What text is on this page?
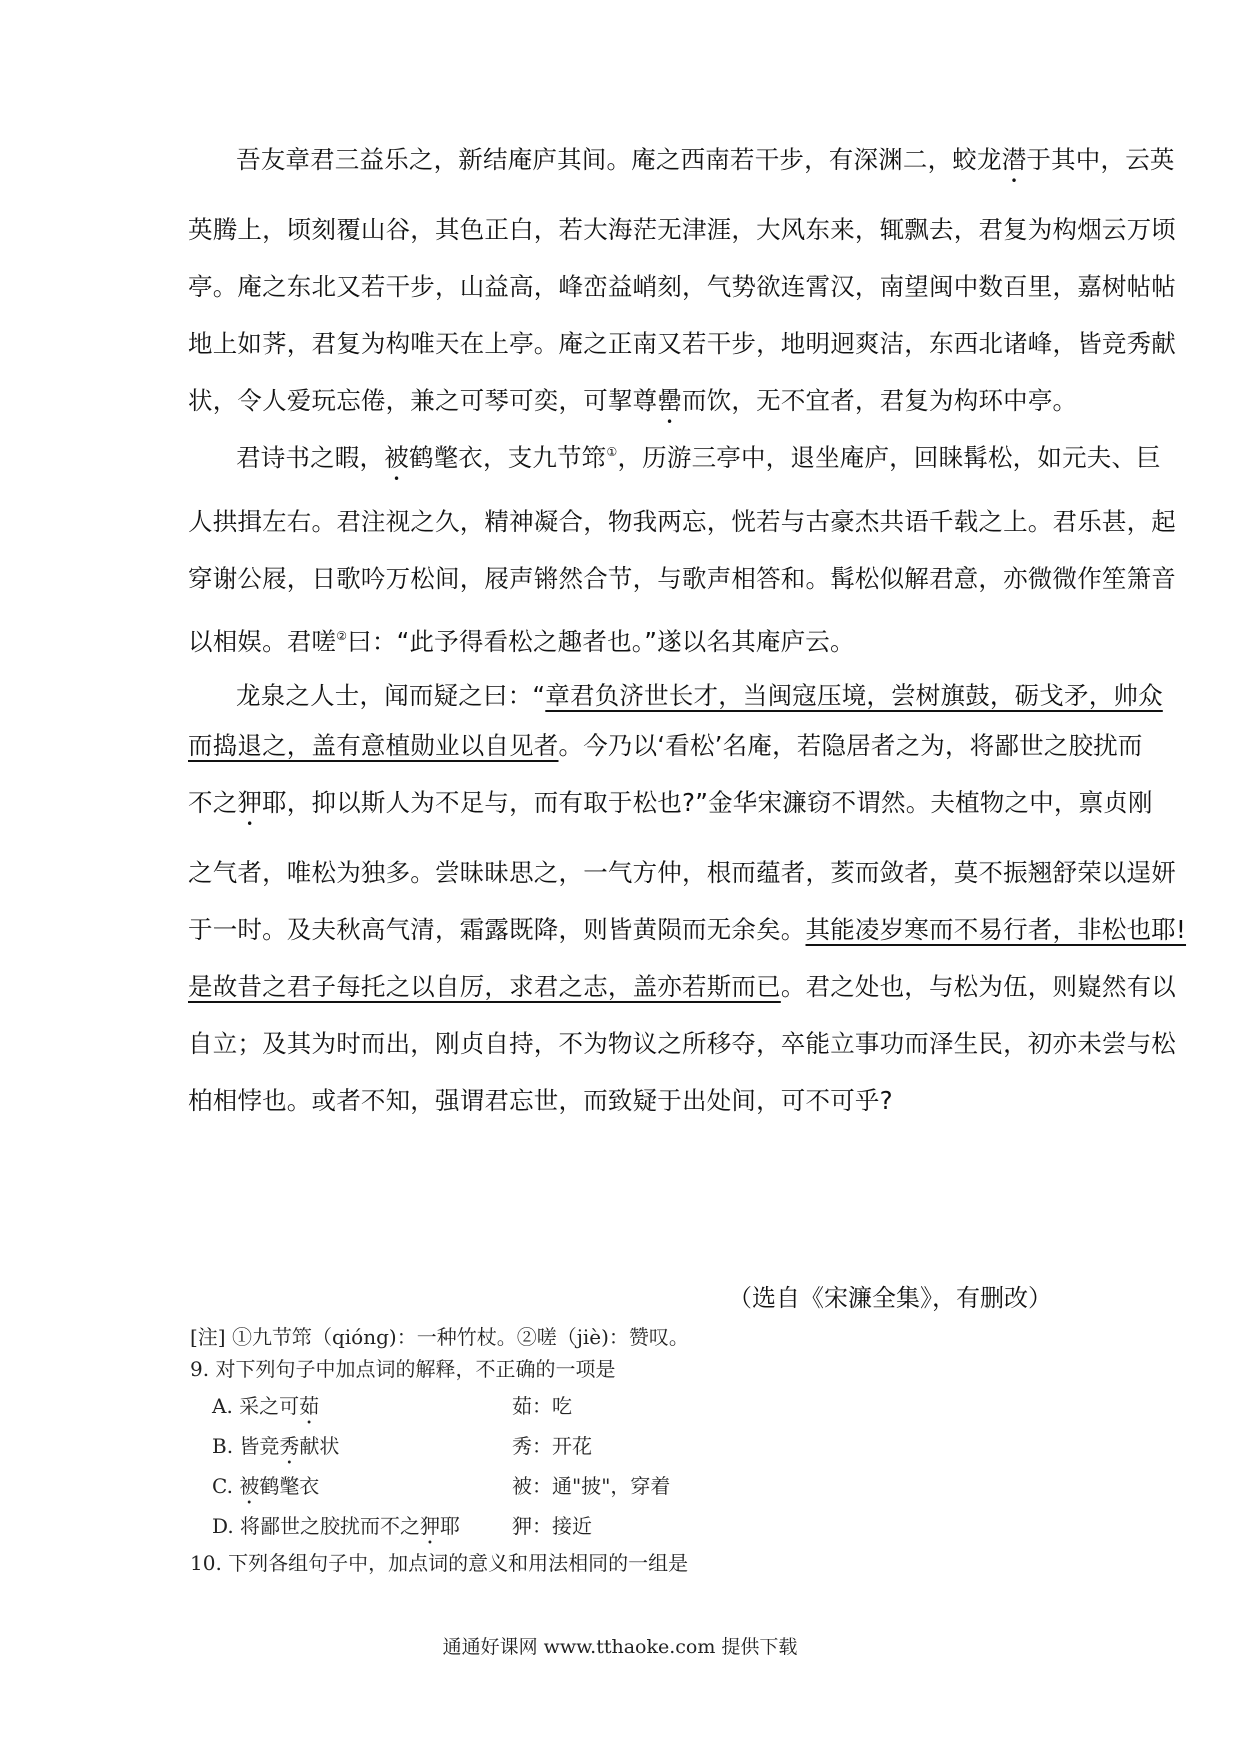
吾友章君三益乐之，新结庵庐其间。庵之西南若干步，有深渊二，蛟龙潜于其中，云英
英腾上，顷刻覆山谷，其色正白，若大海茫无津涯，大风东来，辄飘去，君复为构烟云万顷
亭。庵之东北又若干步，山益高，峰峦益峭刻，气势欲连霄汉，南望闽中数百里，嘉树帖帖
地上如荠，君复为构唯天在上亭。庵之正南又若干步，地明迥爽洁，东西北诸峰，皆竞秀献
状，令人爱玩忘倦，兼之可琴可奕，可挈尊罍而饮，无不宜者，君复为构环中亭。
君诗书之暇，被鹤氅衣，支九节筇①，历游三亭中，退坐庵庐，回睐髯松，如元夫、巨
人拱揖左右。君注视之久，精神凝合，物我两忘，恍若与古豪杰共语千载之上。君乐甚，起
穿谢公屐，日歌吟万松间，屐声锵然合节，与歌声相答和。髯松似解君意，亦微微作笙箫音
以相娱。君嗟②曰：“此予得看松之趣者也。”遂以名其庵庐云。
龙泉之人士，闻而疑之曰：“章君负济世长才，当闽寇压境，尝树旗鼓，砺戈矛，帅众
而捣退之，盖有意植勋业以自见者。今乃以‘看松’名庵，若隐居者之为，将鄙世之胶扰而
不之狎耶，抑以斯人为不足与，而有取于松也?”金华宋濂窃不谓然。夫植物之中，禀贞刚
之气者，唯松为独多。尝昧昧思之，一气方仲，根而蕴者，荄而敛者，莫不振翘舒荣以逞妍
于一时。及夫秋高气清，霜露既降，则皆黄陨而无余矣。其能凌岁寒而不易行者，非松也耶!
是故昔之君子每托之以自厉，求君之志，盖亦若斯而已。君之处也，与松为伍，则嶷然有以
自立；及其为时而出，刚贞自持，不为物议之所移夺，卒能立事功而泽生民，初亦未尝与松
柏相悖也。或者不知，强谓君忘世，而致疑于出处间，可不可乎?
（选自《宋濂全集》，有删改）
[注] ①九节筇（qióng)：一种竹杖。②嗟（jiè)：赞叹。
9. 对下列句子中加点词的解释，不正确的一项是
A. 采之可茹	茹：吃
B. 皆竞秀献状	秀：开花
C. 被鹤氅衣	被：通"披"，穿着
D. 将鄙世之胶扰而不之狎耶	狎：接近
10. 下列各组句子中，加点词的意义和用法相同的一组是
通通好课网 www.tthaoke.com 提供下载
